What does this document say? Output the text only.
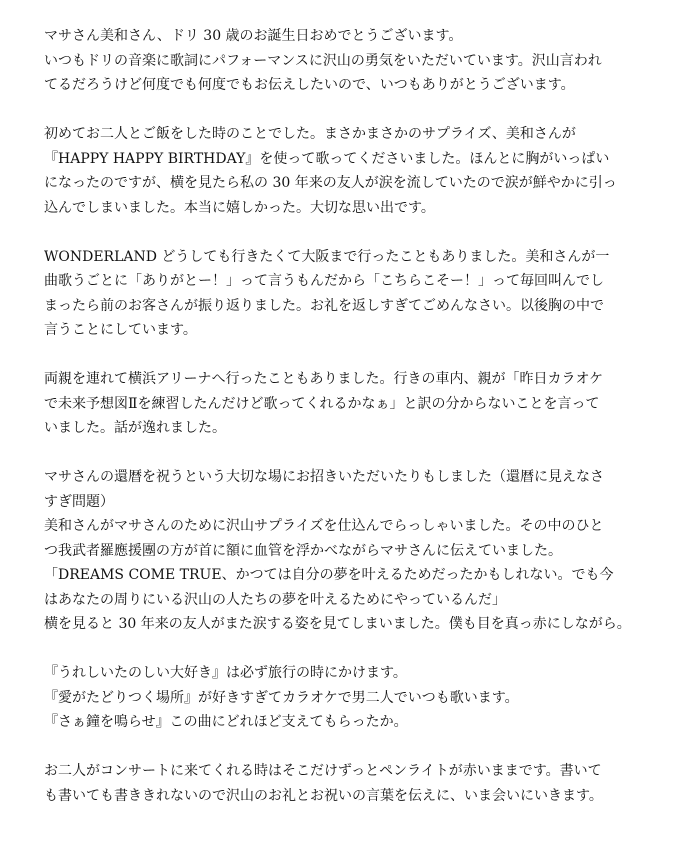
マサさん美和さん、ドリ 30 歳のお誕生日おめでとうございます。
いつもドリの音楽に歌詞にパフォーマンスに沢山の勇気をいただいています。沢山言われ
てるだろうけど何度でも何度でもお伝えしたいので、いつもありがとうございます。
初めてお二人とご飯をした時のことでした。まさかまさかのサプライズ、美和さんが
『HAPPY HAPPY BIRTHDAY』を使って歌ってくださいました。ほんとに胸がいっぱい
になったのですが、横を見たら私の 30 年来の友人が涙を流していたので涙が鮮やかに引っ
込んでしまいました。本当に嬉しかった。大切な思い出です。
WONDERLAND どうしても行きたくて大阪まで行ったこともありました。美和さんが一
曲歌うごとに「ありがとー！」って言うもんだから「こちらこそー！」って毎回叫んでし
まったら前のお客さんが振り返りました。お礼を返しすぎてごめんなさい。以後胸の中で
言うことにしています。
両親を連れて横浜アリーナへ行ったこともありました。行きの車内、親が「昨日カラオケ
で未来予想図Ⅱを練習したんだけど歌ってくれるかなぁ」と訳の分からないことを言って
いました。話が逸れました。
マサさんの還暦を祝うという大切な場にお招きいただいたりもしました（還暦に見えなさ
すぎ問題）
美和さんがマサさんのために沢山サプライズを仕込んでらっしゃいました。その中のひと
つ我武者羅應援團の方が首に額に血管を浮かべながらマサさんに伝えていました。
「DREAMS COME TRUE、かつては自分の夢を叶えるためだったかもしれない。でも今
はあなたの周りにいる沢山の人たちの夢を叶えるためにやっているんだ」
横を見ると 30 年来の友人がまた涙する姿を見てしまいました。僕も目を真っ赤にしながら。
『うれしいたのしい大好き』は必ず旅行の時にかけます。
『愛がたどりつく場所』が好きすぎてカラオケで男二人でいつも歌います。
『さぁ鐘を鳴らせ』この曲にどれほど支えてもらったか。
お二人がコンサートに来てくれる時はそこだけずっとペンライトが赤いままです。書いて
も書いても書ききれないので沢山のお礼とお祝いの言葉を伝えに、いま会いにいきます。
